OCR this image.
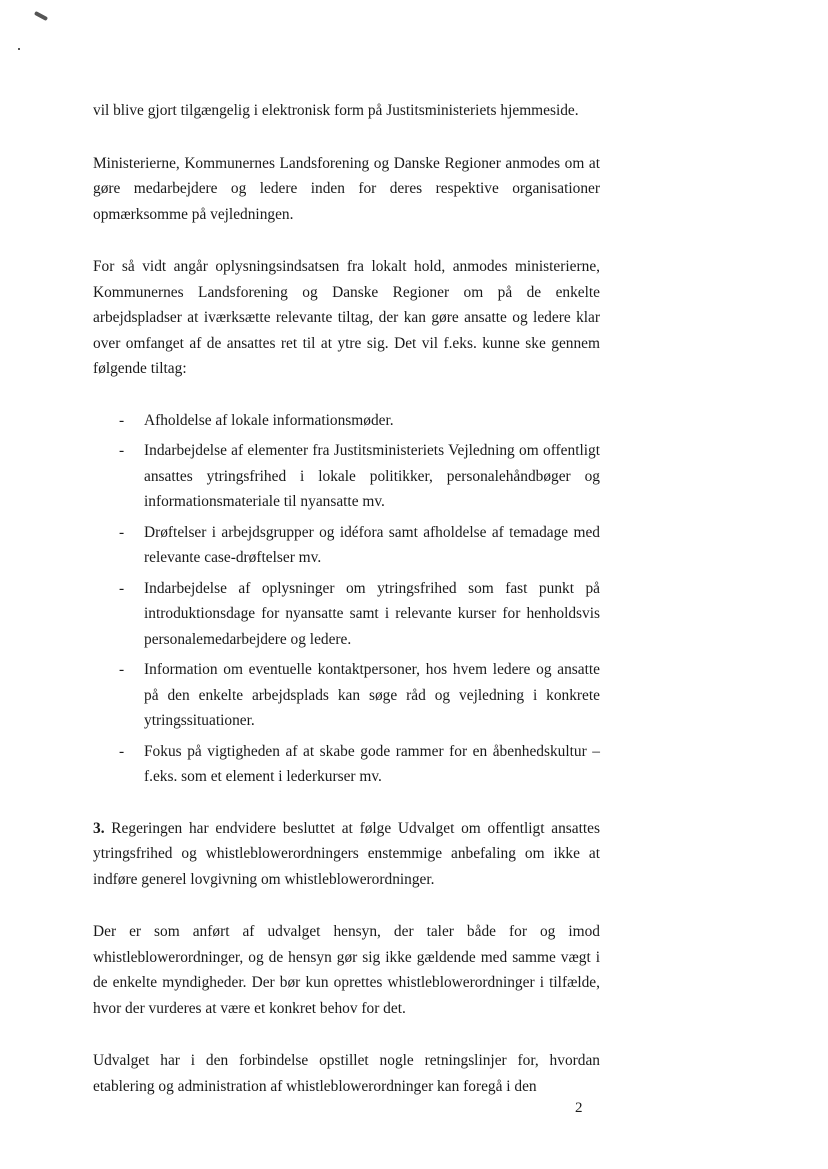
vil blive gjort tilgængelig i elektronisk form på Justitsministeriets hjemmeside.

Ministerierne, Kommunernes Landsforening og Danske Regioner anmodes om at gøre medarbejdere og ledere inden for deres respektive organisationer opmærksomme på vejledningen.

For så vidt angår oplysningsindsatsen fra lokalt hold, anmodes ministerierne, Kommunernes Landsforening og Danske Regioner om på de enkelte arbejdspladser at iværksætte relevante tiltag, der kan gøre ansatte og ledere klar over omfanget af de ansattes ret til at ytre sig. Det vil f.eks. kunne ske gennem følgende tiltag:

- Afholdelse af lokale informationsmøder.
- Indarbejdelse af elementer fra Justitsministeriets Vejledning om offentligt ansattes ytringsfrihed i lokale politikker, personalehåndbøger og informationsmateriale til nyansatte mv.
- Drøftelser i arbejdsgrupper og idéfora samt afholdelse af temadage med relevante case-drøftelser mv.
- Indarbejdelse af oplysninger om ytringsfrihed som fast punkt på introduktionsdage for nyansatte samt i relevante kurser for henholdsvis personalemedarbejdere og ledere.
- Information om eventuelle kontaktpersoner, hos hvem ledere og ansatte på den enkelte arbejdsplads kan søge råd og vejledning i konkrete ytringssituationer.
- Fokus på vigtigheden af at skabe gode rammer for en åbenhedskultur – f.eks. som et element i lederkurser mv.

3. Regeringen har endvidere besluttet at følge Udvalget om offentligt ansattes ytringsfrihed og whistleblowerordningers enstemmige anbefaling om ikke at indføre generel lovgivning om whistleblowerordninger.

Der er som anført af udvalget hensyn, der taler både for og imod whistleblowerordninger, og de hensyn gør sig ikke gældende med samme vægt i de enkelte myndigheder. Der bør kun oprettes whistleblowerordninger i tilfælde, hvor der vurderes at være et konkret behov for det.

Udvalget har i den forbindelse opstillet nogle retningslinjer for, hvordan etablering og administration af whistleblowerordninger kan foregå i den

2
